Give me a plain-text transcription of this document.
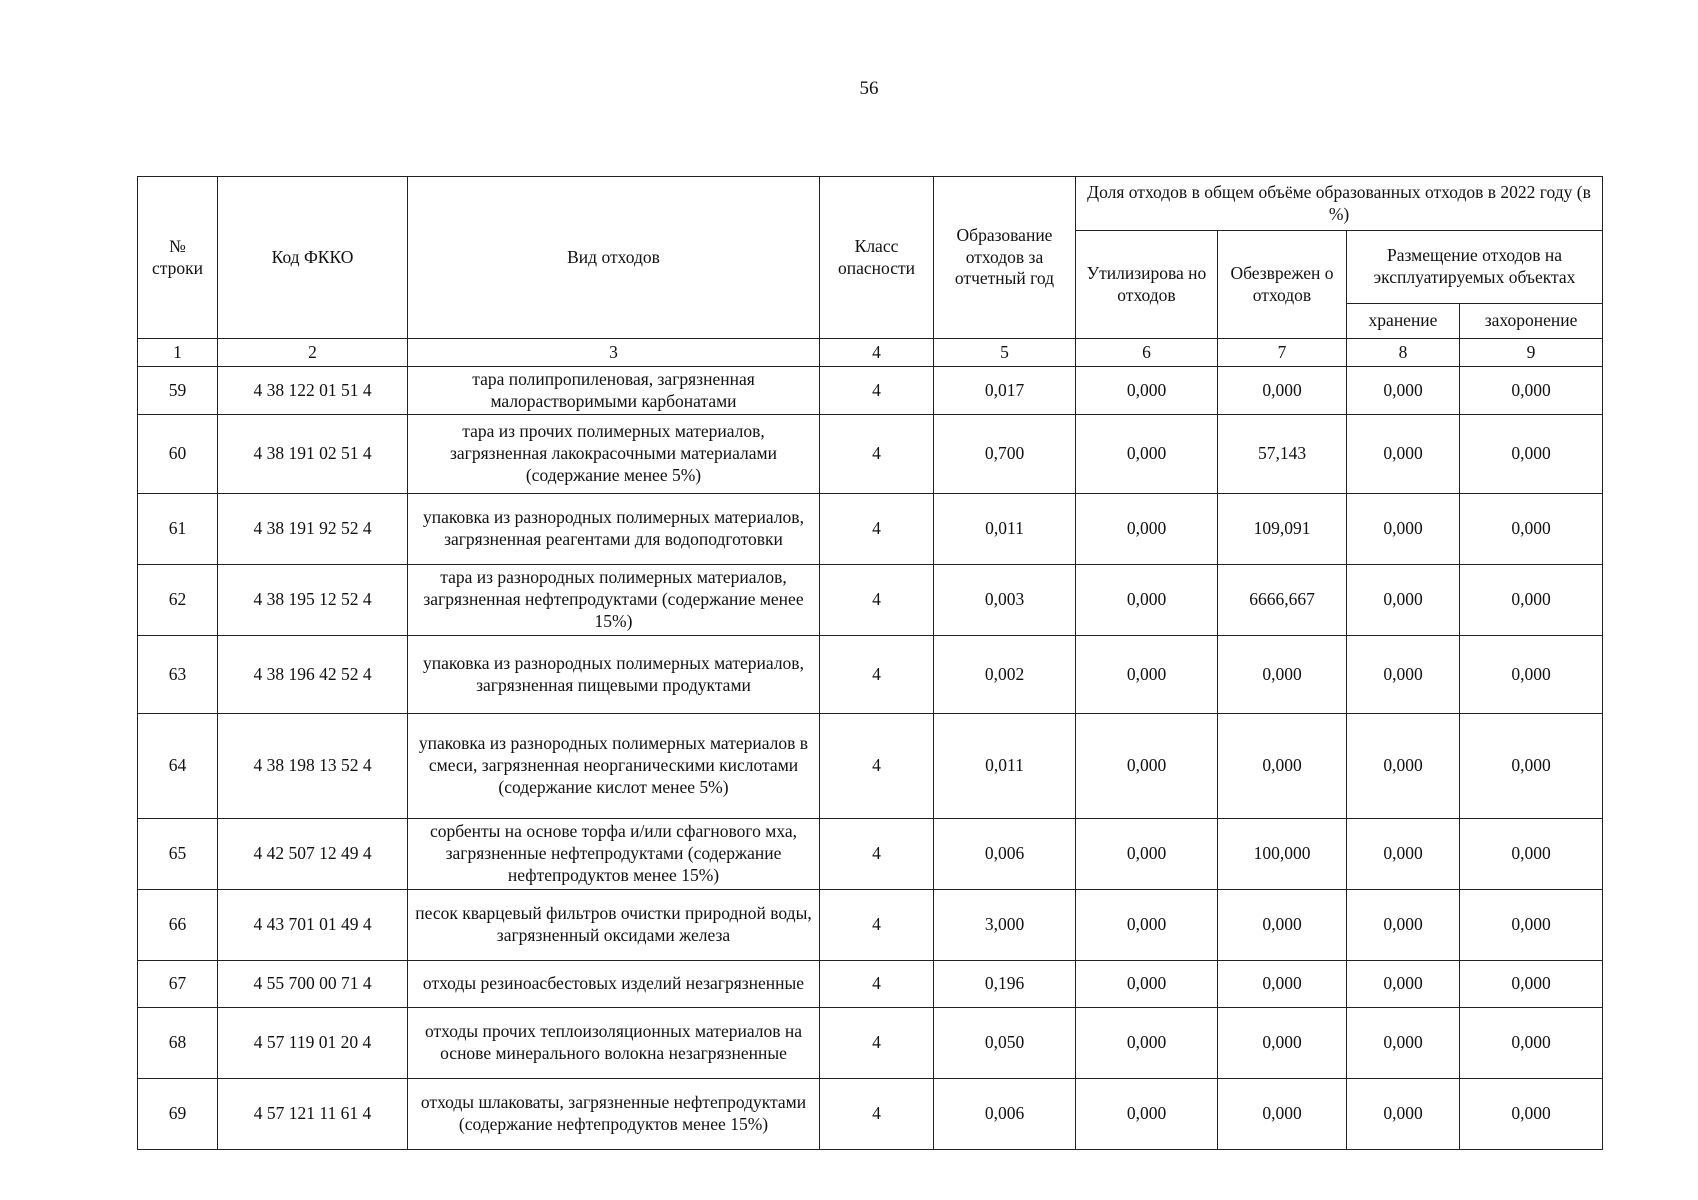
56
№ строки	Код ФККО	Вид отходов	Класс опасности	Образование отходов за отчетный год	Доля отходов в общем объёме образованных отходов в 2022 году (в %)			
					Утилизирова но отходов	Обезврежен о отходов	Размещение отходов на эксплуатируемых объектах	
							хранение	захоронение
1	2	3	4	5	6	7	8	9
59	4 38 122 01 51 4	тара полипропиленовая, загрязненная малорастворимыми карбонатами	4	0,017	0,000	0,000	0,000	0,000
60	4 38 191 02 51 4	тара из прочих полимерных материалов, загрязненная лакокрасочными материалами (содержание менее 5%)	4	0,700	0,000	57,143	0,000	0,000
61	4 38 191 92 52 4	упаковка из разнородных полимерных материалов, загрязненная реагентами для водоподготовки	4	0,011	0,000	109,091	0,000	0,000
62	4 38 195 12 52 4	тара из разнородных полимерных материалов, загрязненная нефтепродуктами (содержание менее 15%)	4	0,003	0,000	6666,667	0,000	0,000
63	4 38 196 42 52 4	упаковка из разнородных полимерных материалов, загрязненная пищевыми продуктами	4	0,002	0,000	0,000	0,000	0,000
64	4 38 198 13 52 4	упаковка из разнородных полимерных материалов в смеси, загрязненная неорганическими кислотами (содержание кислот менее 5%)	4	0,011	0,000	0,000	0,000	0,000
65	4 42 507 12 49 4	сорбенты на основе торфа и/или сфагнового мха, загрязненные нефтепродуктами (содержание нефтепродуктов менее 15%)	4	0,006	0,000	100,000	0,000	0,000
66	4 43 701 01 49 4	песок кварцевый фильтров очистки природной воды, загрязненный оксидами железа	4	3,000	0,000	0,000	0,000	0,000
67	4 55 700 00 71 4	отходы резиноасбестовых изделий незагрязненные	4	0,196	0,000	0,000	0,000	0,000
68	4 57 119 01 20 4	отходы прочих теплоизоляционных материалов на основе минерального волокна незагрязненные	4	0,050	0,000	0,000	0,000	0,000
69	4 57 121 11 61 4	отходы шлаковаты, загрязненные нефтепродуктами (содержание нефтепродуктов менее 15%)	4	0,006	0,000	0,000	0,000	0,000
